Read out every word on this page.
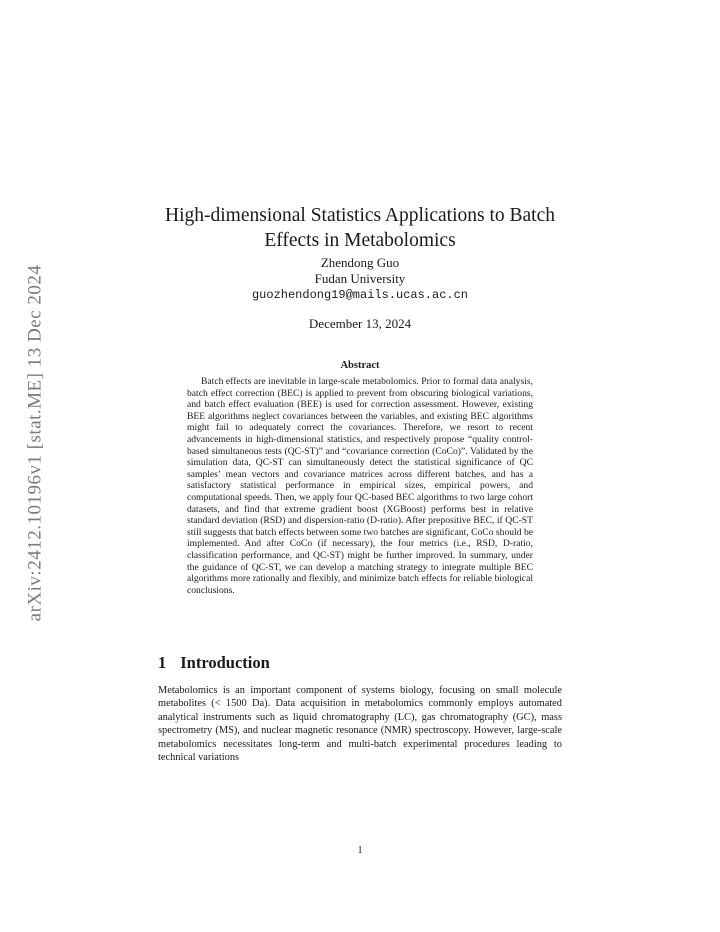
arXiv:2412.10196v1 [stat.ME] 13 Dec 2024
High-dimensional Statistics Applications to Batch Effects in Metabolomics
Zhendong Guo
Fudan University
guozhendong19@mails.ucas.ac.cn
December 13, 2024
Abstract

Batch effects are inevitable in large-scale metabolomics. Prior to formal data analysis, batch effect correction (BEC) is applied to prevent from obscuring biological variations, and batch effect evaluation (BEE) is used for correction assessment. However, existing BEE algorithms neglect covariances between the variables, and existing BEC algorithms might fail to adequately correct the covariances. Therefore, we resort to recent advancements in high-dimensional statistics, and respectively propose “quality control-based simultaneous tests (QC-ST)” and “covariance correction (CoCo)”. Validated by the simulation data, QC-ST can simultaneously detect the statistical significance of QC samples’ mean vectors and covariance matrices across different batches, and has a satisfactory statistical performance in empirical sizes, empirical powers, and computational speeds. Then, we apply four QC-based BEC algorithms to two large cohort datasets, and find that extreme gradient boost (XGBoost) performs best in relative standard deviation (RSD) and dispersion-ratio (D-ratio). After prepositive BEC, if QC-ST still suggests that batch effects between some two batches are significant, CoCo should be implemented. And after CoCo (if necessary), the four metrics (i.e., RSD, D-ratio, classification performance, and QC-ST) might be further improved. In summary, under the guidance of QC-ST, we can develop a matching strategy to integrate multiple BEC algorithms more rationally and flexibly, and minimize batch effects for reliable biological conclusions.

1 Introduction

Metabolomics is an important component of systems biology, focusing on small molecule metabolites (< 1500 Da). Data acquisition in metabolomics commonly employs automated analytical instruments such as liquid chromatography (LC), gas chromatography (GC), mass spectrometry (MS), and nuclear magnetic resonance (NMR) spectroscopy. However, large-scale metabolomics necessitates long-term and multi-batch experimental procedures leading to technical variations

1
